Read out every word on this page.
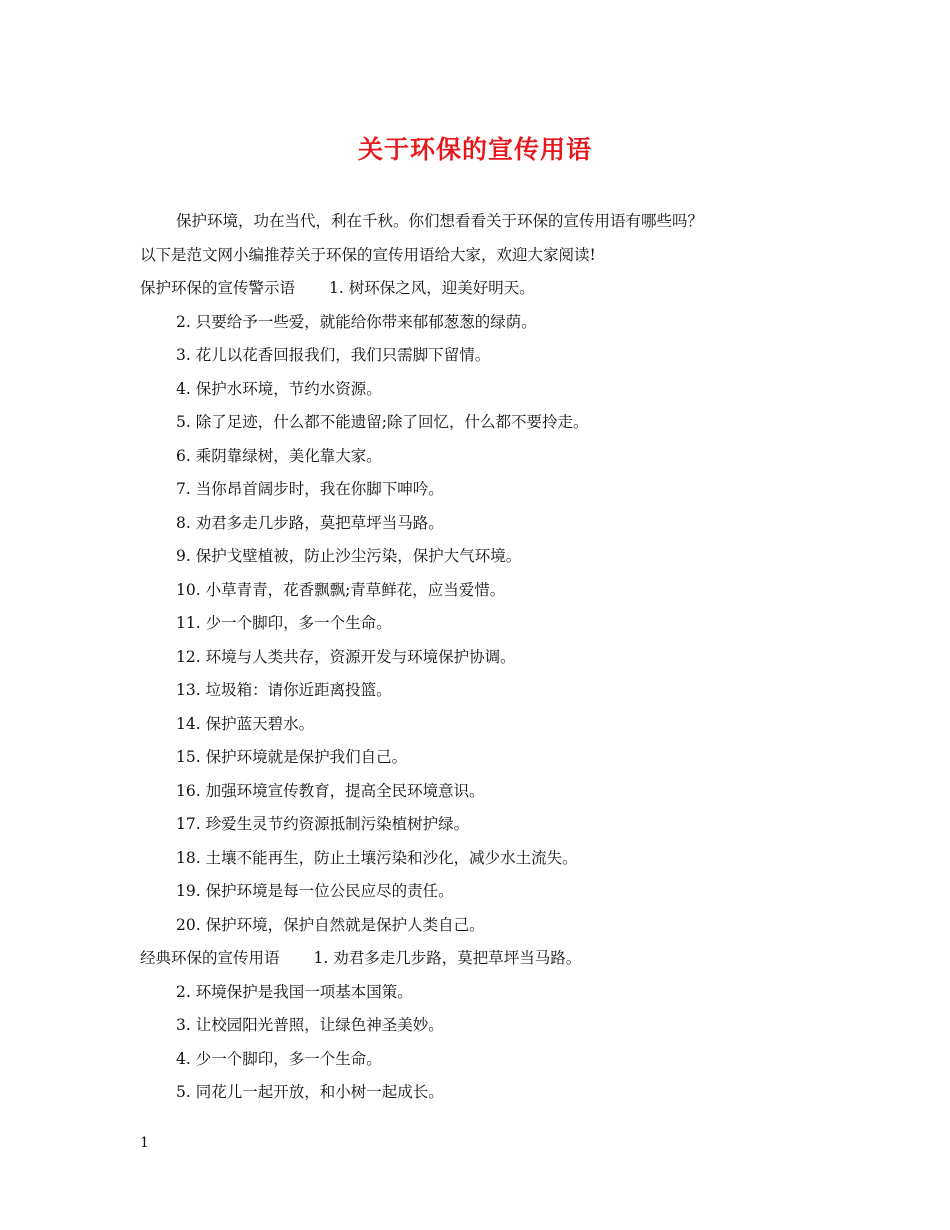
关于环保的宣传用语
保护环境，功在当代，利在千秋。你们想看看关于环保的宣传用语有哪些吗？
以下是范文网小编推荐关于环保的宣传用语给大家，欢迎大家阅读!
保护环保的宣传警示语 1. 树环保之风，迎美好明天。
2. 只要给予一些爱，就能给你带来郁郁葱葱的绿荫。
3. 花儿以花香回报我们，我们只需脚下留情。
4. 保护水环境，节约水资源。
5. 除了足迹，什么都不能遗留;除了回忆，什么都不要拎走。
6. 乘阴靠绿树，美化靠大家。
7. 当你昂首阔步时，我在你脚下呻吟。
8. 劝君多走几步路，莫把草坪当马路。
9. 保护戈壁植被，防止沙尘污染，保护大气环境。
10. 小草青青，花香飘飘;青草鲜花，应当爱惜。
11. 少一个脚印，多一个生命。
12. 环境与人类共存，资源开发与环境保护协调。
13. 垃圾箱：请你近距离投篮。
14. 保护蓝天碧水。
15. 保护环境就是保护我们自己。
16. 加强环境宣传教育，提高全民环境意识。
17. 珍爱生灵节约资源抵制污染植树护绿。
18. 土壤不能再生，防止土壤污染和沙化，减少水土流失。
19. 保护环境是每一位公民应尽的责任。
20. 保护环境，保护自然就是保护人类自己。
经典环保的宣传用语 1. 劝君多走几步路，莫把草坪当马路。
2. 环境保护是我国一项基本国策。
3. 让校园阳光普照，让绿色神圣美妙。
4. 少一个脚印，多一个生命。
5. 同花儿一起开放，和小树一起成长。
1
